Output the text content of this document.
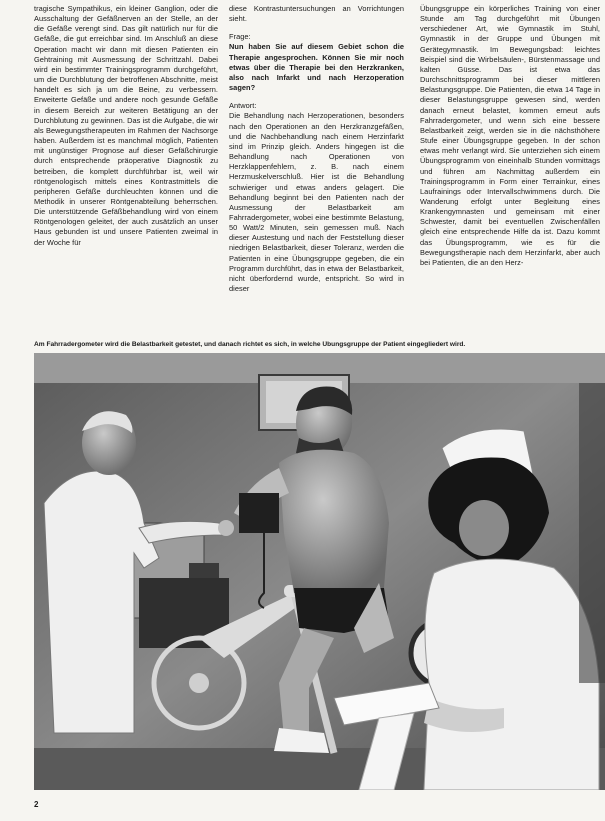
tragische Sympathikus, ein kleiner Ganglion, oder die Ausschaltung der Gefäßnerven an der Stelle, an der die Gefäße verengt sind. Das gilt natürlich nur für die Gefäße, die gut erreichbar sind. Im Anschluß an diese Operation macht wir dann mit diesen Patienten ein Gehtraining mit Ausmessung der Schrittzahl. Dabei wird ein bestimmter Trainingsprogramm durchgeführt, um die Durchblutung der betroffenen Abschnitte, meist handelt es sich ja um die Beine, zu verbessern. Erweiterte Gefäße und andere noch gesunde Gefäße in diesem Bereich zur weiteren Betätigung an der Durchblutung zu gewinnen. Das ist die Aufgabe, die wir als Bewegungstherapeuten im Rahmen der Nachsorge haben. Außerdem ist es manchmal möglich, Patienten mit ungünstiger Prognose auf dieser Gefäßchirurgie durch entsprechende präoperative Diagnostik zu betreiben, die komplett durchführbar ist, weil wir röntgenologisch mittels eines Kontrastmittels die peripheren Gefäße durchleuchten können und die Methodik in unserer Röntgenabteilung beherrschen. Die unterstützende Gefäßbehandlung wird von einem Röntgenologen geleitet, der auch zusätzlich an unser Haus gebunden ist und unsere Patienten zweimal in der Woche für

diese Kontrastuntersuchungen an Vorrichtungen sieht.

Frage:

Nun haben Sie auf diesem Gebiet schon die Therapie angesprochen. Können Sie mir noch etwas über die Therapie bei den Herzkranken, also nach Infarkt und nach Herzoperation sagen?

Antwort:

Die Behandlung nach Herzoperationen, besonders nach den Operationen an den Herzkranzgefäßen, und die Nachbehandlung nach einem Herzinfarkt sind im Prinzip gleich. Anders hingegen ist die Behandlung nach Operationen von Herzklappenfehlern, z. B. nach einem Herzmuskelverschluß. Hier ist die Behandlung schwieriger und etwas anders gelagert. Die Behandlung beginnt bei den Patienten nach der Ausmessung der Belastbarkeit am Fahrradergometer, wobei eine bestimmte Belastung, 50 Watt/2 Minuten, sein gemessen muß. Nach dieser Austestung und nach der Feststellung dieser niedrigen Belastbarkeit, dieser Toleranz, werden die Patienten in eine Übungsgruppe gegeben, die ein Programm durchführt, das in etwa der Belastbarkeit, nicht überfordernd wurde, entspricht. So wird in dieser

Übungsgruppe ein körperliches Training von einer Stunde am Tag durchgeführt mit Übungen verschiedener Art, wie Gymnastik im Stuhl, Gymnastik in der Gruppe und Übungen mit Gerätegymnastik. Im Bewegungsbad: leichtes Beispiel sind die Wirbelsäulen-, Bürstenmassage und kalten Güsse. Das ist etwa das Durchschnittsprogramm bei dieser mittleren Belastungsgruppe. Die Patienten, die etwa 14 Tage in dieser Belastungsgruppe gewesen sind, werden danach erneut belastet, kommen erneut aufs Fahrradergometer, und wenn sich eine bessere Belastbarkeit zeigt, werden sie in die nächsthöhere Stufe einer Übungsgruppe gegeben. In der schon etwas mehr verlangt wird. Sie unterziehen sich einem Übungsprogramm von eineinhalb Stunden vormittags und führen am Nachmittag außerdem ein Trainingsprogramm in Form einer Terrainkur, eines Laufrainings oder Intervallschwimmens durch. Die Wanderung erfolgt unter Begleitung eines Krankengymnasten und gemeinsam mit einer Schwester, damit bei eventuellen Zwischenfällen gleich eine entsprechende Hilfe da ist. Dazu kommt das Übungsprogramm, wie es für die Bewegungstherapie nach dem Herzinfarkt, aber auch bei Patienten, die an den Herz-

Am Fahrradergometer wird die Belastbarkeit getestet, und danach richtet es sich, in welche Übungsgruppe der Patient eingegliedert wird.
2
